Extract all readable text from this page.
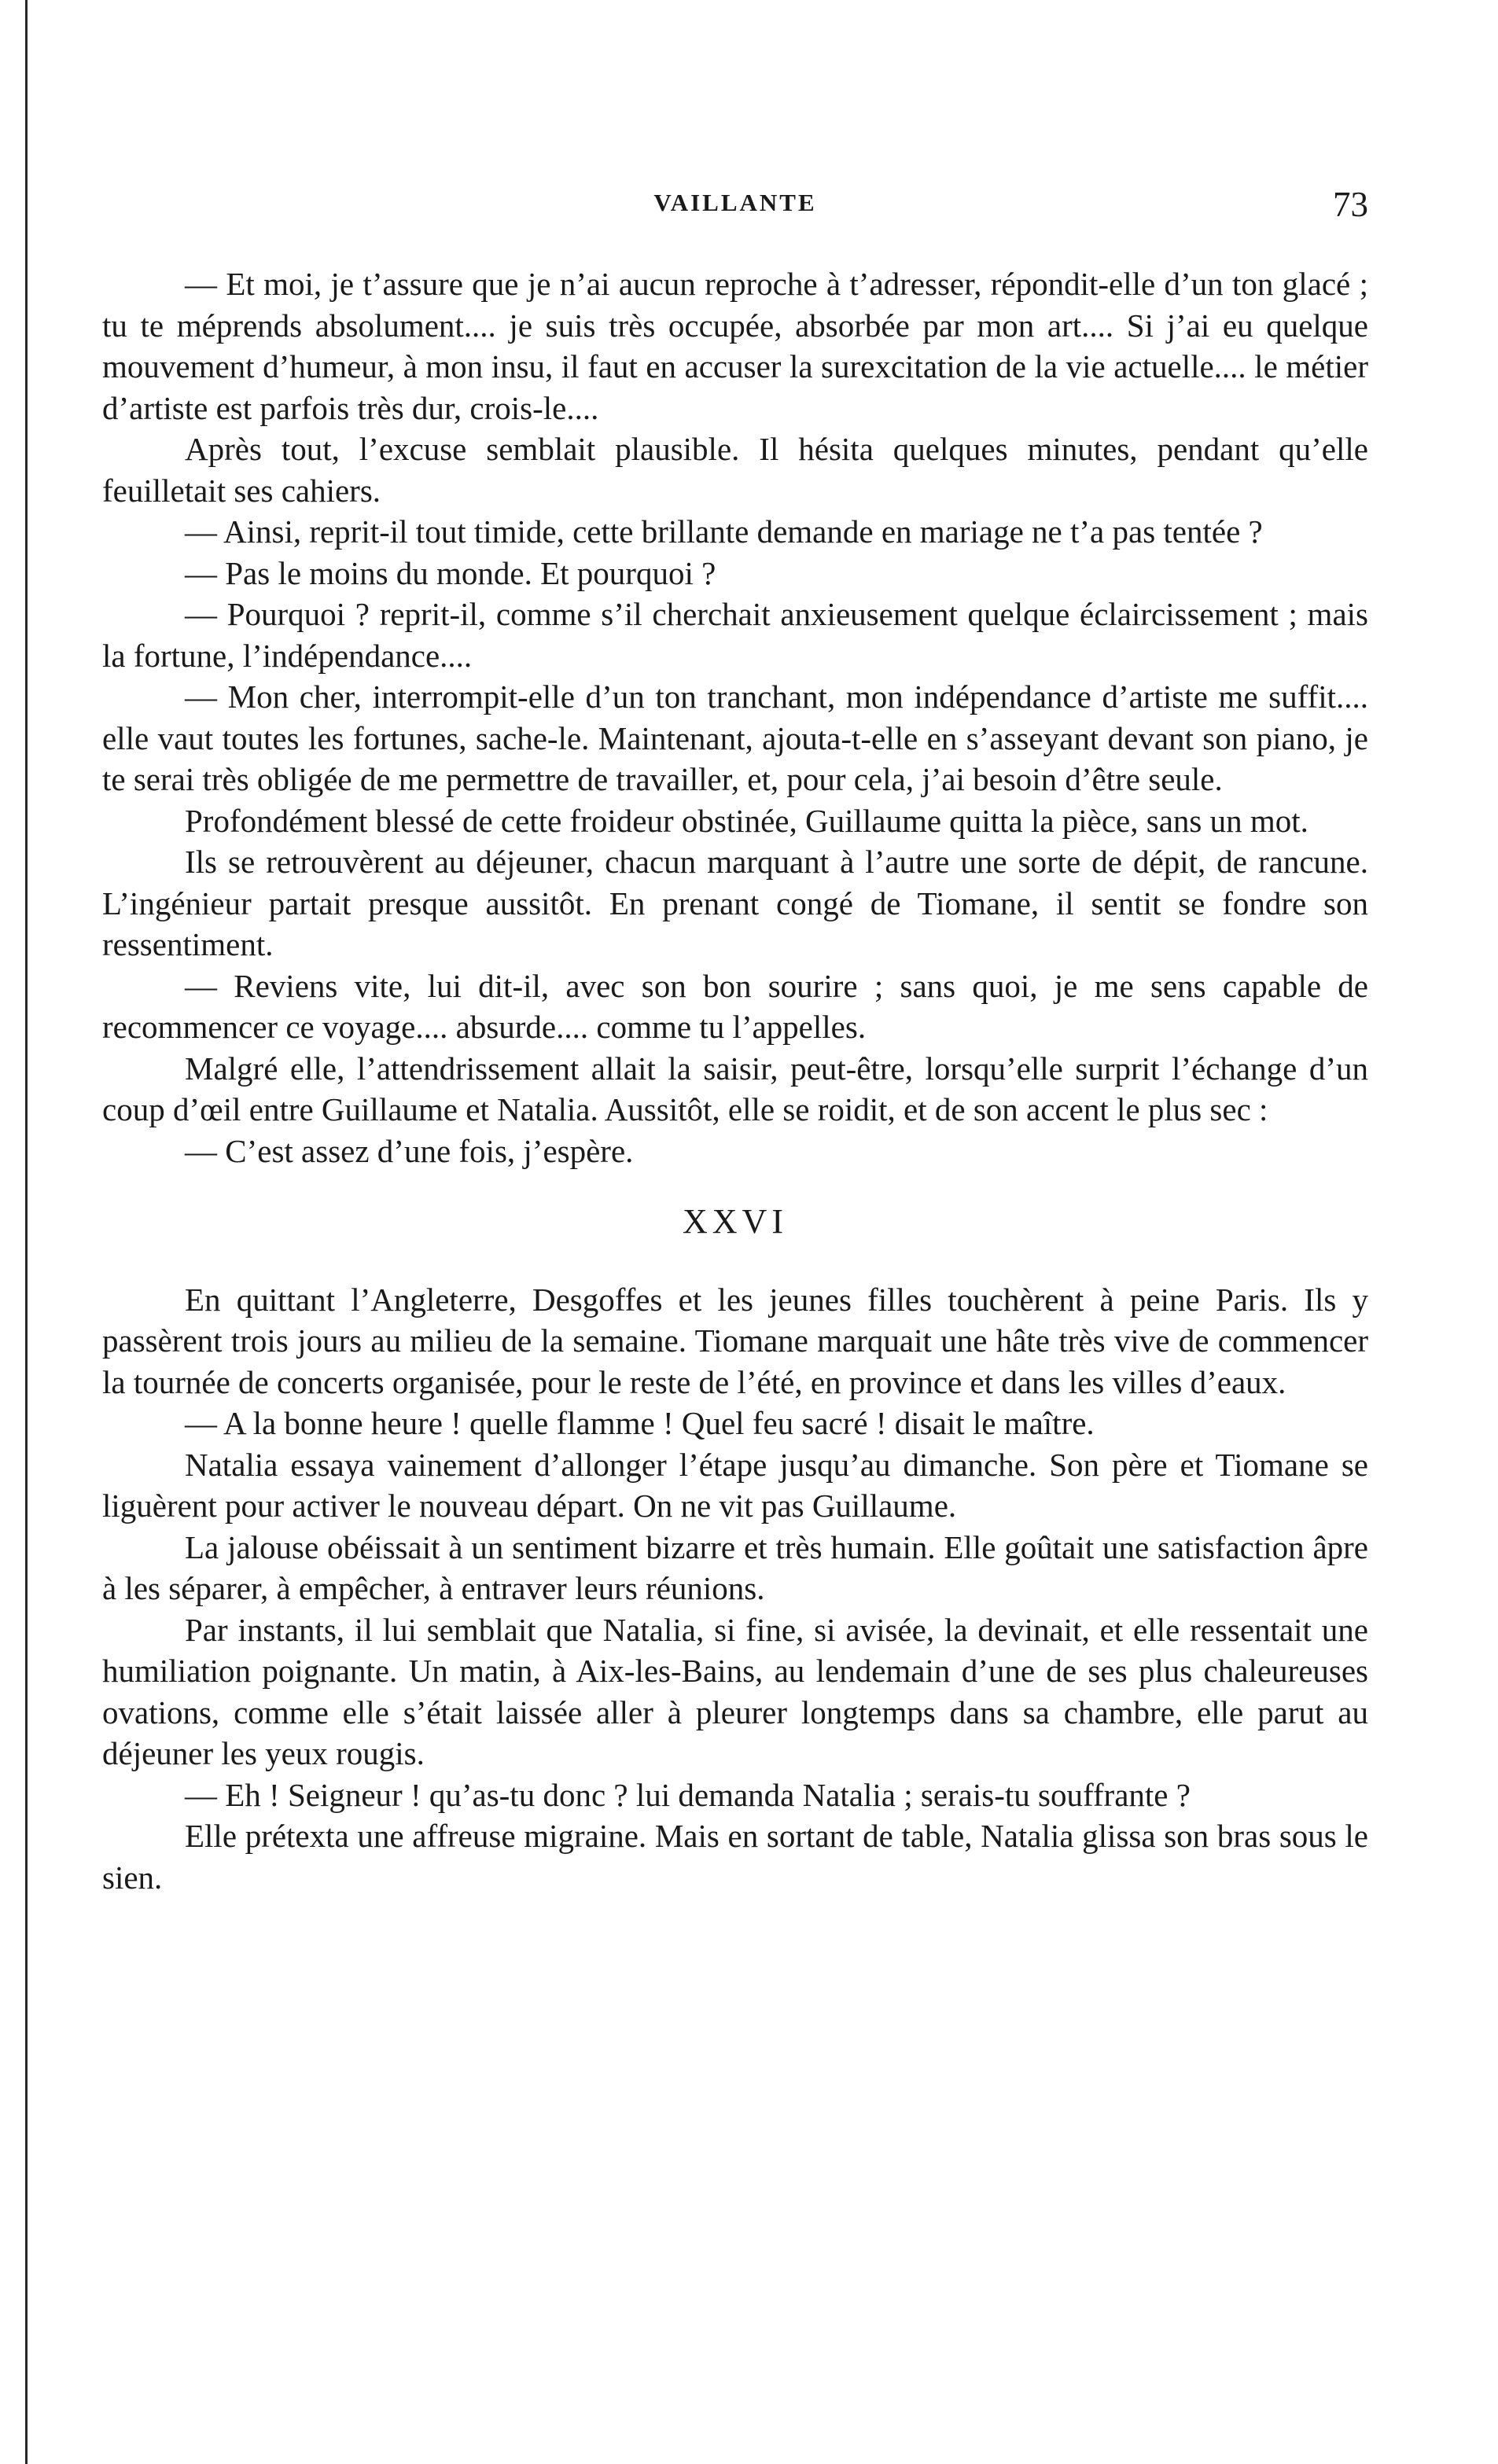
VAILLANTE	73

— Et moi, je t’assure que je n’ai aucun reproche à t’adresser, répondit-elle d’un ton glacé ; tu te méprends absolument.... je suis très occupée, absorbée par mon art.... Si j’ai eu quelque mouvement d’humeur, à mon insu, il faut en accuser la surexcitation de la vie actuelle.... le métier d’artiste est parfois très dur, crois-le....

Après tout, l’excuse semblait plausible. Il hésita quelques minutes, pendant qu’elle feuilletait ses cahiers.

— Ainsi, reprit-il tout timide, cette brillante demande en mariage ne t’a pas tentée ?

— Pas le moins du monde. Et pourquoi ?

— Pourquoi ? reprit-il, comme s’il cherchait anxieusement quelque éclaircissement ; mais la fortune, l’indépendance....

— Mon cher, interrompit-elle d’un ton tranchant, mon indépendance d’artiste me suffit.... elle vaut toutes les fortunes, sache-le. Maintenant, ajouta-t-elle en s’asseyant devant son piano, je te serai très obligée de me permettre de travailler, et, pour cela, j’ai besoin d’être seule.

Profondément blessé de cette froideur obstinée, Guillaume quitta la pièce, sans un mot.

Ils se retrouvèrent au déjeuner, chacun marquant à l’autre une sorte de dépit, de rancune. L’ingénieur partait presque aussitôt. En prenant congé de Tiomane, il sentit se fondre son ressentiment.

— Reviens vite, lui dit-il, avec son bon sourire ; sans quoi, je me sens capable de recommencer ce voyage.... absurde.... comme tu l’appelles.

Malgré elle, l’attendrissement allait la saisir, peut-être, lorsqu’elle surprit l’échange d’un coup d’œil entre Guillaume et Natalia. Aussitôt, elle se roidit, et de son accent le plus sec :

— C’est assez d’une fois, j’espère.

XXVI

En quittant l’Angleterre, Desgoffes et les jeunes filles touchèrent à peine Paris. Ils y passèrent trois jours au milieu de la semaine. Tiomane marquait une hâte très vive de commencer la tournée de concerts organisée, pour le reste de l’été, en province et dans les villes d’eaux.

— A la bonne heure ! quelle flamme ! Quel feu sacré ! disait le maître.

Natalia essaya vainement d’allonger l’étape jusqu’au dimanche. Son père et Tiomane se liguèrent pour activer le nouveau départ. On ne vit pas Guillaume.

La jalouse obéissait à un sentiment bizarre et très humain. Elle goûtait une satisfaction âpre à les séparer, à empêcher, à entraver leurs réunions.

Par instants, il lui semblait que Natalia, si fine, si avisée, la devinait, et elle ressentait une humiliation poignante. Un matin, à Aix-les-Bains, au lendemain d’une de ses plus chaleureuses ovations, comme elle s’était laissée aller à pleurer longtemps dans sa chambre, elle parut au déjeuner les yeux rougis.

— Eh ! Seigneur ! qu’as-tu donc ? lui demanda Natalia ; serais-tu souffrante ?

Elle prétexta une affreuse migraine. Mais en sortant de table, Natalia glissa son bras sous le sien.
